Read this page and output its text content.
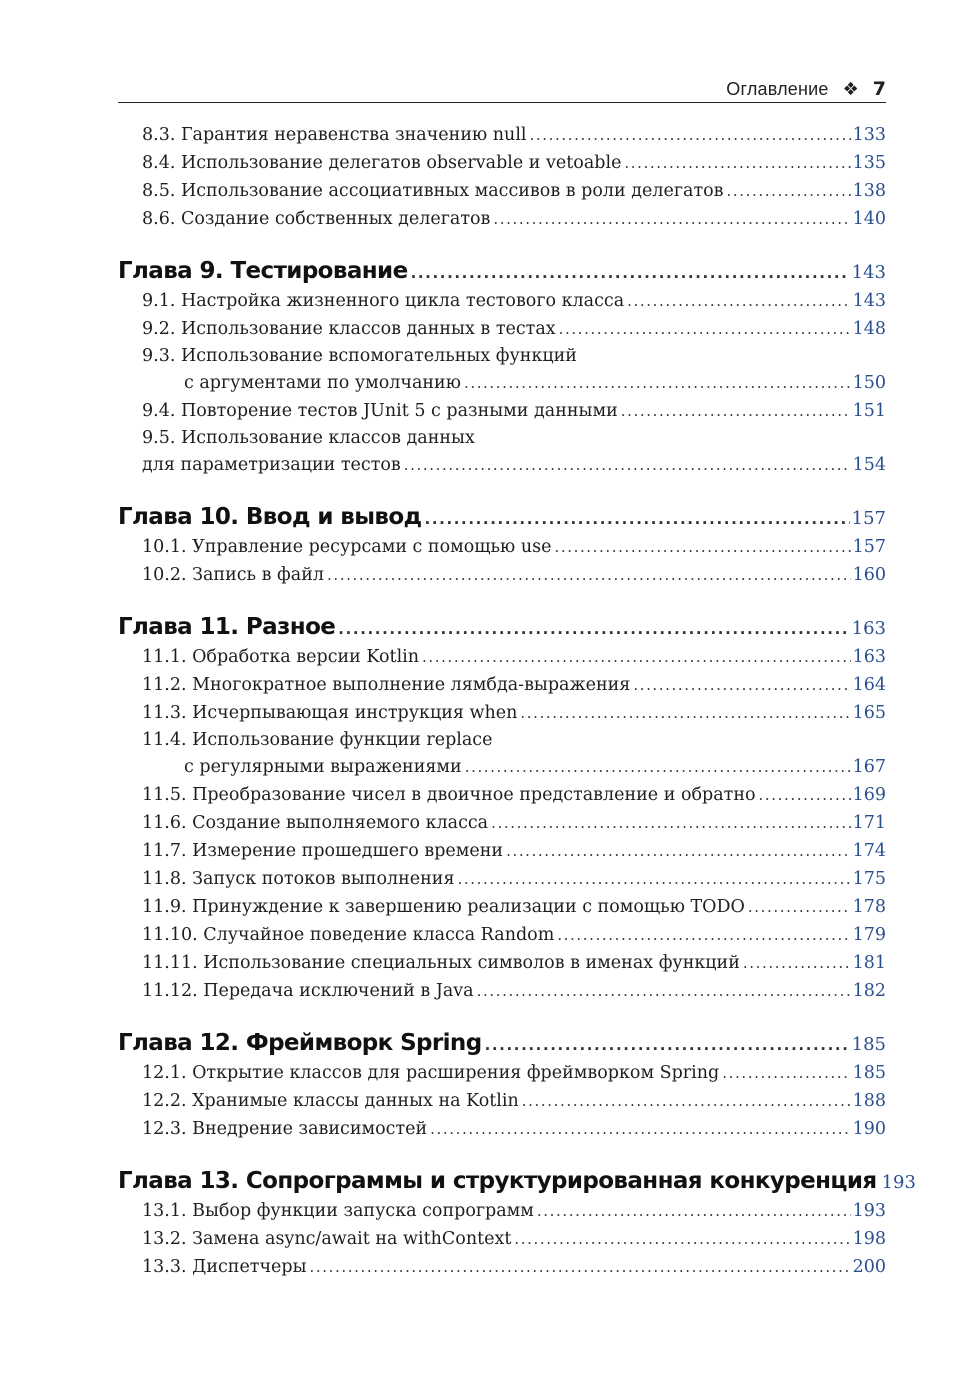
Оглавление ❖ 7
8.3. Гарантия неравенства значению null .....	133
8.4. Использование делегатов observable и vetoable .....	135
8.5. Использование ассоциативных массивов в роли делегатов .....	138
8.6. Создание собственных делегатов .....	140
Глава 9. Тестирование .....	143
9.1. Настройка жизненного цикла тестового класса .....	143
9.2. Использование классов данных в тестах .....	148
9.3. Использование вспомогательных функций
с аргументами по умолчанию .....	150
9.4. Повторение тестов JUnit 5 с разными данными .....	151
9.5. Использование классов данных
для параметризации тестов .....	154
Глава 10. Ввод и вывод .....	157
10.1. Управление ресурсами с помощью use .....	157
10.2. Запись в файл .....	160
Глава 11. Разное .....	163
11.1. Обработка версии Kotlin .....	163
11.2. Многократное выполнение лямбда-выражения .....	164
11.3. Исчерпывающая инструкция when .....	165
11.4. Использование функции replace
с регулярными выражениями .....	167
11.5. Преобразование чисел в двоичное представление и обратно .....	169
11.6. Создание выполняемого класса .....	171
11.7. Измерение прошедшего времени .....	174
11.8. Запуск потоков выполнения .....	175
11.9. Принуждение к завершению реализации с помощью TODO .....	178
11.10. Случайное поведение класса Random .....	179
11.11. Использование специальных символов в именах функций .....	181
11.12. Передача исключений в Java .....	182
Глава 12. Фреймворк Spring .....	185
12.1. Открытие классов для расширения фреймворком Spring .....	185
12.2. Хранимые классы данных на Kotlin .....	188
12.3. Внедрение зависимостей .....	190
Глава 13. Сопрограммы и структурированная конкуренция 193
13.1. Выбор функции запуска сопрограмм .....	193
13.2. Замена async/await на withContext .....	198
13.3. Диспетчеры .....	200
